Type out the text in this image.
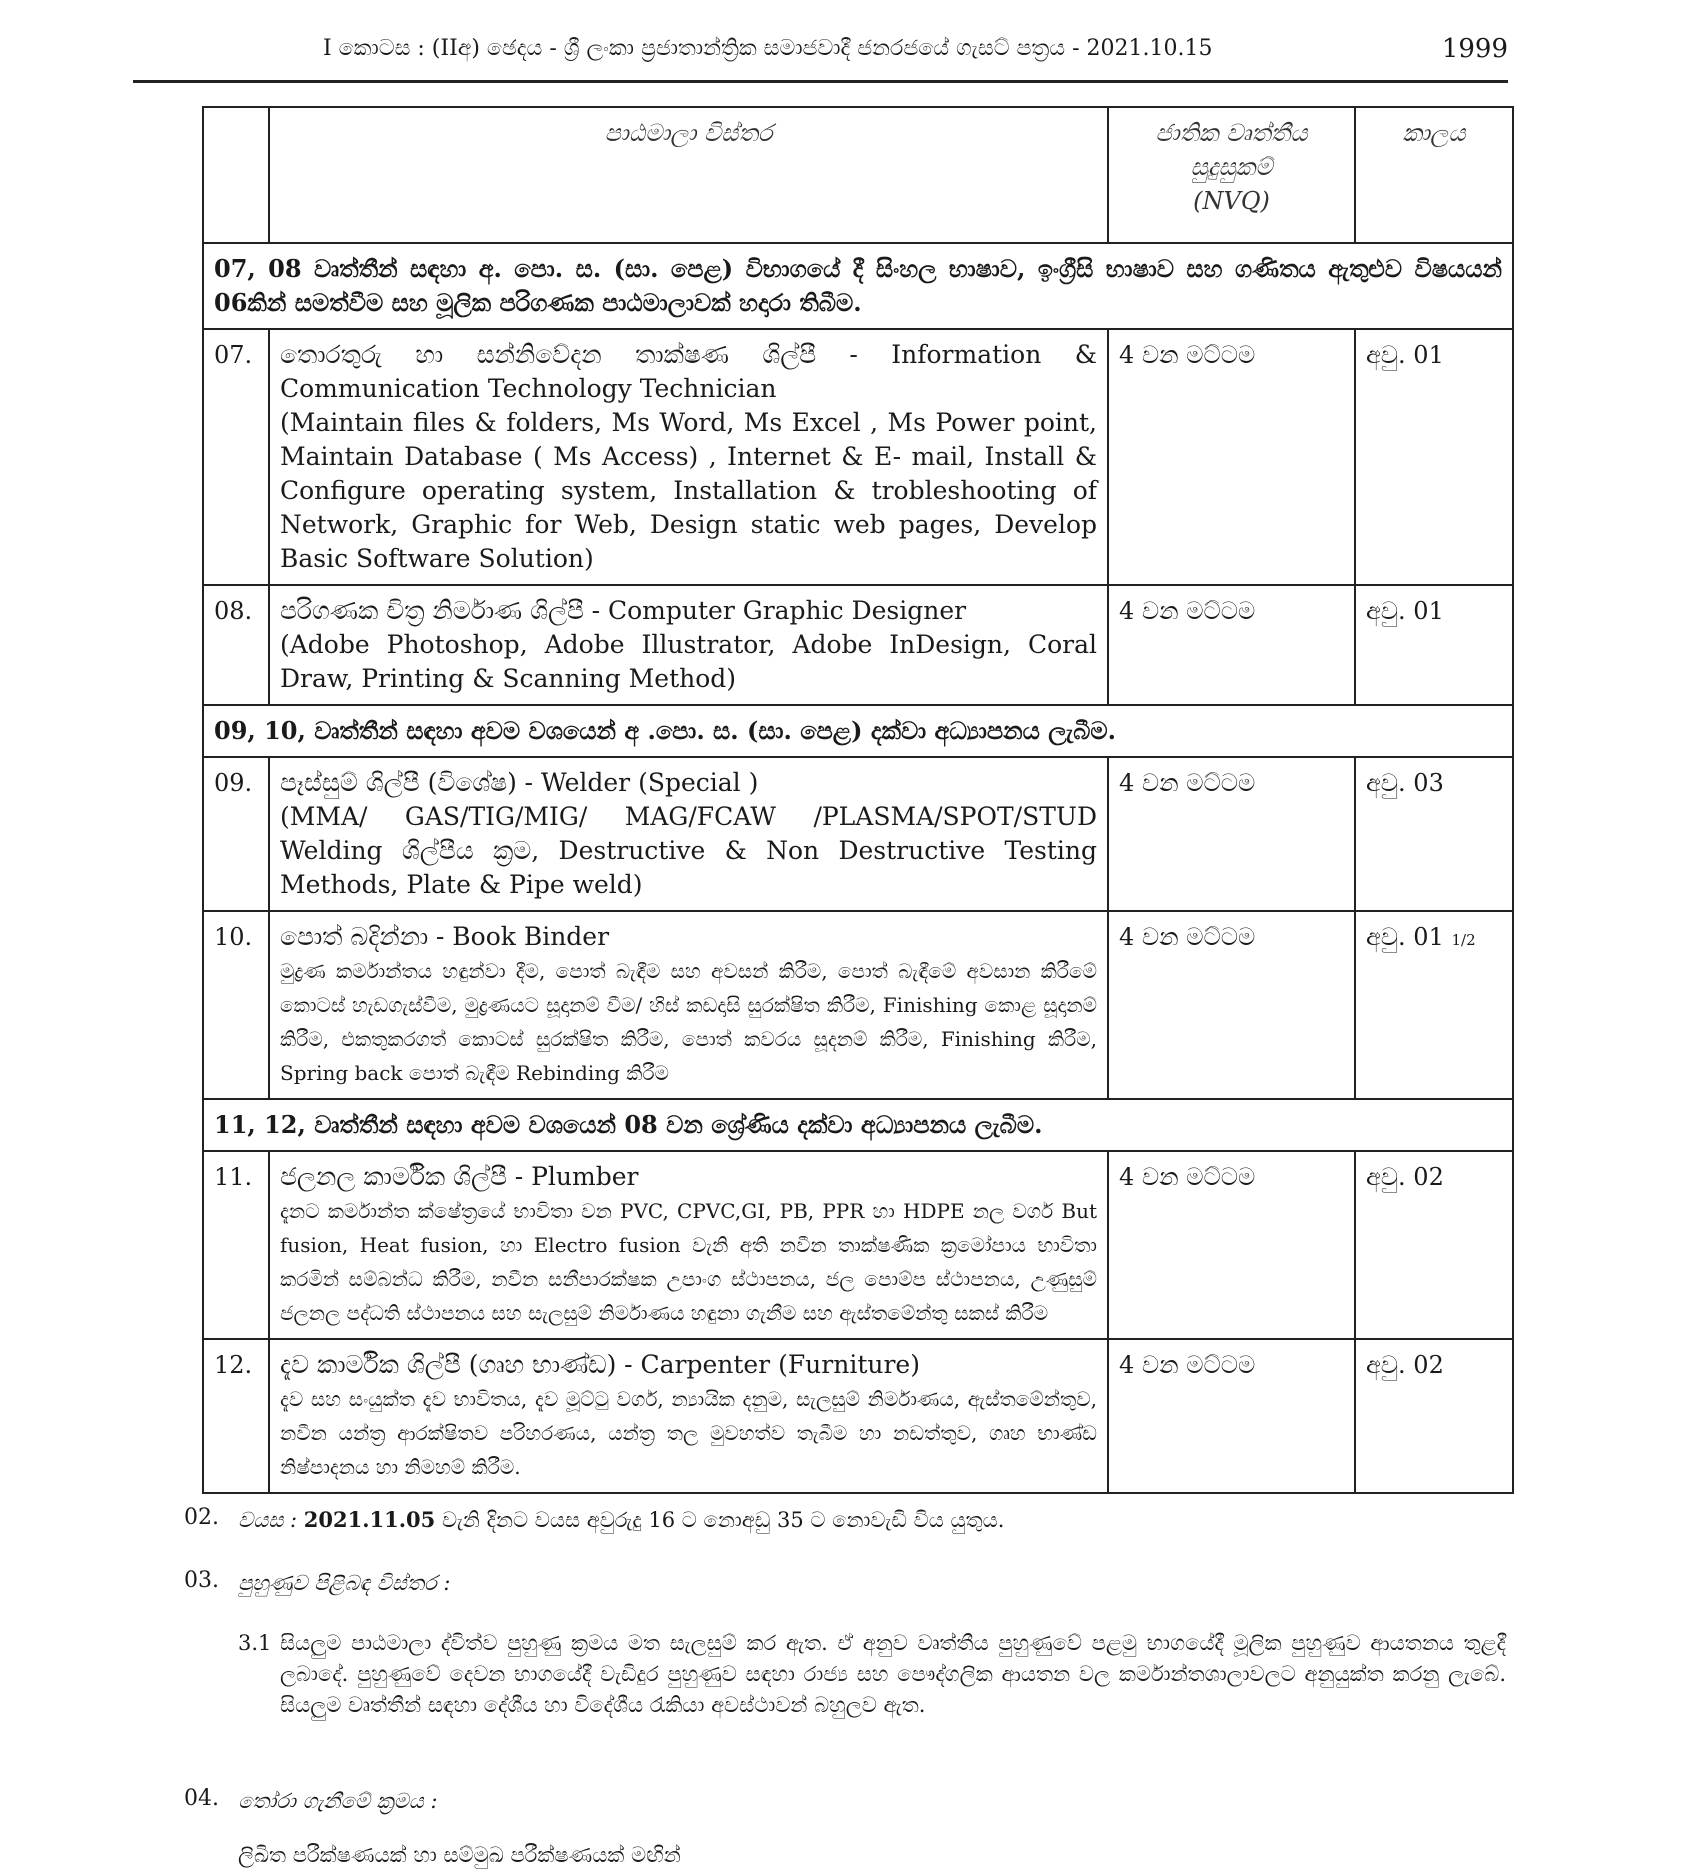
I කොටස : (IIඅ) ඡෙදය - ශ්‍රී ලංකා ප්‍රජාතාන්ත්‍රික සමාජවාදී ජනරජයේ ගැසට් පත්‍රය - 2021.10.15	1999
	පාඨමාලා විස්තර	ජාතික වෘත්තීය
සුදුසුකම්
(NVQ)	කාලය
07, 08 වෘත්තීන් සඳහා අ. පො. ස. (සා. පෙළ) විභාගයේ දී සිංහල භාෂාව, ඉංග්‍රීසි භාෂාව සහ ගණිතය ඇතුළුව විෂයයන් 06කින් සමත්වීම සහ මූලික පරිගණක පාඨමාලාවක් හදාරා තිබීම.			
07.	තොරතුරු හා සන්නිවේදන තාක්ෂණ ශිල්පී - Information & Communication Technology Technician
(Maintain files & folders, Ms Word, Ms Excel , Ms Power point, Maintain Database ( Ms Access) , Internet & E- mail, Install & Configure operating system, Installation & trobleshooting of Network, Graphic for Web, Design static web pages, Develop Basic Software Solution)	4 වන මට්ටම	අවු. 01
08.	පරිගණක චිත්‍ර නිර්මාණ ශිල්පී - Computer Graphic Designer
(Adobe Photoshop, Adobe Illustrator, Adobe InDesign, Coral Draw, Printing & Scanning Method)	4 වන මට්ටම	අවු. 01
09, 10, වෘත්තීන් සඳහා අවම වශයෙන් අ .පො. ස. (සා. පෙළ) දක්වා අධ්‍යාපනය ලැබීම.			
09.	පෑස්සුම් ශිල්පී (විශේෂ) - Welder (Special )
(MMA/ GAS/TIG/MIG/ MAG/FCAW /PLASMA/SPOT/STUD Welding ශිල්පීය ක්‍රම, Destructive & Non Destructive Testing Methods, Plate & Pipe weld)	4 වන මට්ටම	අවු. 03
10.	පොත් බදින්නා - Book Binder
මුද්‍රණ කර්මාන්තය හඳුන්වා දීම, පොත් බැඳීම සහ අවසන් කිරීම, පොත් බැඳීමේ අවසාන කිරීමේ කොටස් හැඩගැස්වීම, මුද්‍රණයට සූදානම් වීම/ හිස් කඩදාසි සුරක්ෂිත කිරීම, Finishing කොළ සූදානම් කිරීම, එකතුකරගත් කොටස් සුරක්ෂිත කිරීම, පොත් කවරය සූදනම් කිරීම, Finishing කිරීම, Spring back පොත් බැඳීම Rebinding කිරීම	4 වන මට්ටම	අවු. 01 1/2
11, 12, වෘත්තීන් සඳහා අවම වශයෙන් 08 වන ශ්‍රේණිය දක්වා අධ්‍යාපනය ලැබීම.			
11.	ජලනල කාර්මික ශිල්පී - Plumber
දැනට කර්මාන්ත ක්ෂේත්‍රයේ භාවිතා වන PVC, CPVC,GI, PB, PPR හා HDPE නල වර්ග But fusion, Heat fusion, හා Electro fusion වැනි අති නවීන තාක්ෂණික ක්‍රමෝපාය භාවිතා කරමින් සම්බන්ධ කිරීම, නවීන සනීපාරක්ෂක උපාංග ස්ථාපනය, ජල පොම්ප ස්ථාපනය, උණුසුම් ජලනල පද්ධති ස්ථාපනය සහ සැලසුම් නිර්මාණය හඳුනා ගැනීම සහ ඇස්තමේන්තු සකස් කිරීම	4 වන මට්ටම	අවු. 02
12.	දැව කාර්මික ශිල්පී (ගෘහ භාණ්ඩ) - Carpenter (Furniture)
දැව සහ සංයුක්ත දැව භාවිතය, දැව මූට්ටු වර්ග, න්‍යායික දනුම, සැලසුම් නිර්මාණය, ඇස්තමේන්තුව, නවීන යන්ත්‍ර ආරක්ෂිතව පරිහරණය, යන්ත්‍ර තල මුවහත්ව තැබීම හා නඩත්තුව, ගෘහ භාණ්ඩ නිෂ්පාදනය හා නිමහම් කිරීම.	4 වන මට්ටම	අවු. 02
02. වයස : 2021.11.05 වැනි දිනට වයස අවුරුදු 16 ට නොඅඩු 35 ට නොවැඩි විය යුතුය.
03. පුහුණුව පිළිබඳ විස්තර :
3.1 සියලුම පාඨමාලා ද්විත්ව පුහුණු ක්‍රමය මත සැලසුම් කර ඇත. ඒ අනුව වෘත්තීය පුහුණුවේ පළමු භාගයේදී මූලික පුහුණුව ආයතනය තුළදී ලබාදේ. පුහුණුවේ දෙවන භාගයේදී වැඩිදුර පුහුණුව සඳහා රාජ්‍ය සහ පෞද්ගලික ආයතන වල කර්මාන්තශාලාවලට අනුයුක්ත කරනු ලැබේ. සියලුම වෘත්තීන් සඳහා දේශීය හා විදේශීය රැකියා අවස්ථාවන් බහුලව ඇත.
04. තෝරා ගැනීමේ ක්‍රමය :
ලිඛිත පරීක්ෂණයක් හා සම්මුඛ පරීක්ෂණයක් මඟින්
